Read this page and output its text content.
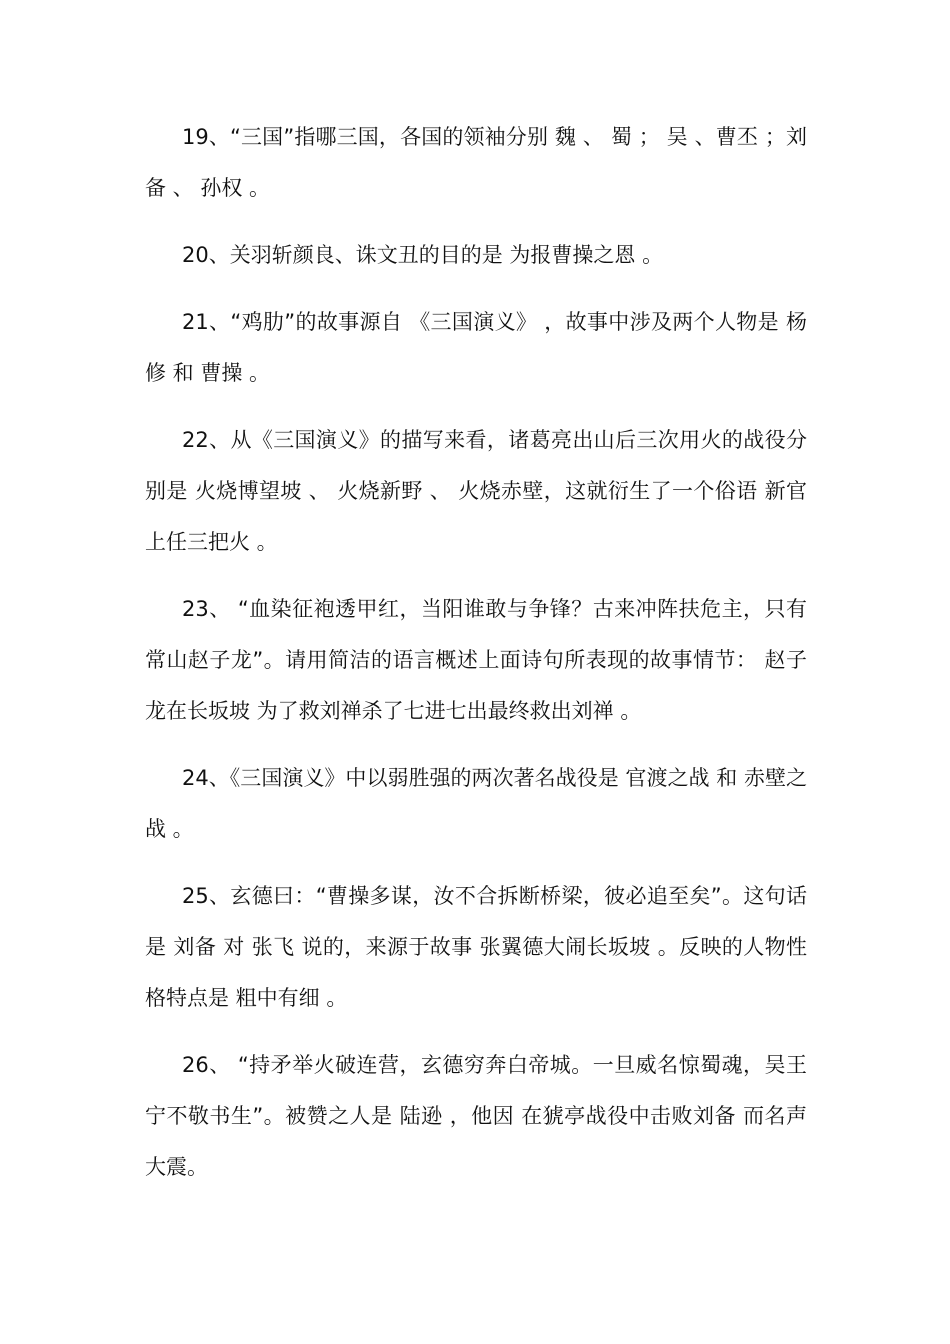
19、“三国”指哪三国，各国的领袖分别 魏 、 蜀 ； 吴 、曹丕 ；刘备 、 孙权 。

20、关羽斩颜良、诛文丑的目的是 为报曹操之恩 。

21、“鸡肋”的故事源自 《三国演义》 ，故事中涉及两个人物是 杨修 和 曹操 。

22、从《三国演义》的描写来看，诸葛亮出山后三次用火的战役分别是 火烧博望坡 、 火烧新野 、 火烧赤壁，这就衍生了一个俗语 新官上任三把火 。

23、 “血染征袍透甲红，当阳谁敢与争锋？古来冲阵扶危主，只有常山赵子龙”。请用简洁的语言概述上面诗句所表现的故事情节： 赵子龙在长坂坡 为了救刘禅杀了七进七出最终救出刘禅 。

24、《三国演义》中以弱胜强的两次著名战役是 官渡之战 和 赤壁之战 。

25、玄德曰：“曹操多谋，汝不合拆断桥梁，彼必追至矣”。这句话是 刘备 对 张飞 说的，来源于故事 张翼德大闹长坂坡 。反映的人物性格特点是 粗中有细 。

26、 “持矛举火破连营，玄德穷奔白帝城。一旦威名惊蜀魂，吴王宁不敬书生”。被赞之人是 陆逊 ，他因 在猇亭战役中击败刘备 而名声大震。
